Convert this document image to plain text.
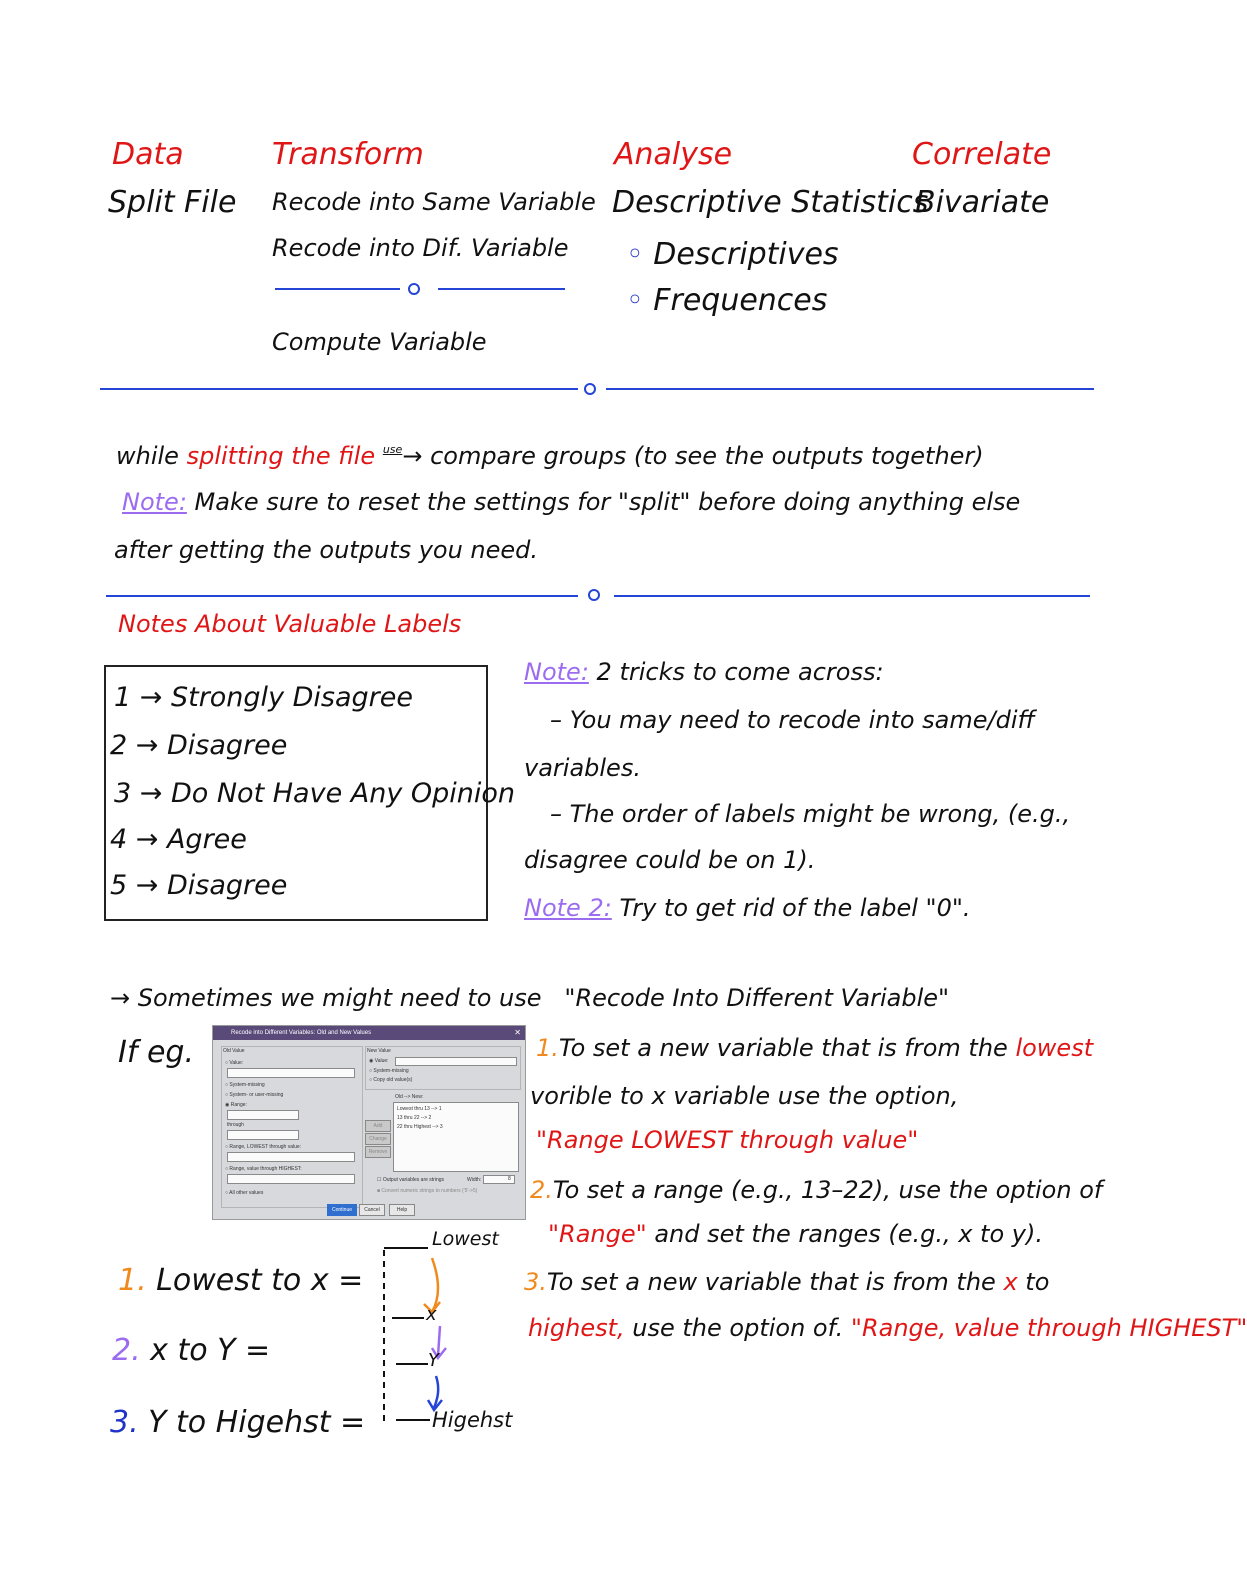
Data
Split File
Transform
Recode into Same Variable
Recode into Dif. Variable
Compute Variable
Analyse
Descriptive Statistics
◦ Descriptives
◦ Frequences
Correlate
Bivariate
while splitting the file $^{use}$→ compare groups (to see the outputs together)
Note: Make sure to reset the settings for "split" before doing anything else
after getting the outputs you need.
Notes About Valuable Labels
1 → Strongly Disagree
2 → Disagree
3 → Do Not Have Any Opinion
4 → Agree
5 → Disagree
Note: 2 tricks to come across:
– You may need to recode into same/diff
variables.
– The order of labels might be wrong, (e.g.,
disagree could be on 1).
Note 2: Try to get rid of the label "0".
→ Sometimes we might need to use "Recode Into Different Variable"
If eg.
Recode into Different Variables: Old and New Values	✕
Old Value
○ Value:
○ System-missing
○ System- or user-missing
◉ Range:
through
○ Range, LOWEST through value:
○ Range, value through HIGHEST:
○ All other values
New Value
◉ Value:
○ System-missing
○ Copy old value(s)
Old --> New:
Lowest thru 13 --> 1
13 thru 22 --> 2
22 thru Highest --> 3
Add
Change
Remove
☐ Output variables are strings	Width:	8
■ Convert numeric strings to numbers ('5'->5)
Continue	Cancel	Help
1.To set a new variable that is from the lowest
vorible to x variable use the option,
"Range LOWEST through value"
2.To set a range (e.g., 13–22), use the option of
"Range" and set the ranges (e.g., x to y).
3.To set a new variable that is from the x to
highest, use the option of. "Range, value through HIGHEST"
1. Lowest to x =
2. x to Y =
3. Y to Higehst =
Lowest
x
Y
Higehst
